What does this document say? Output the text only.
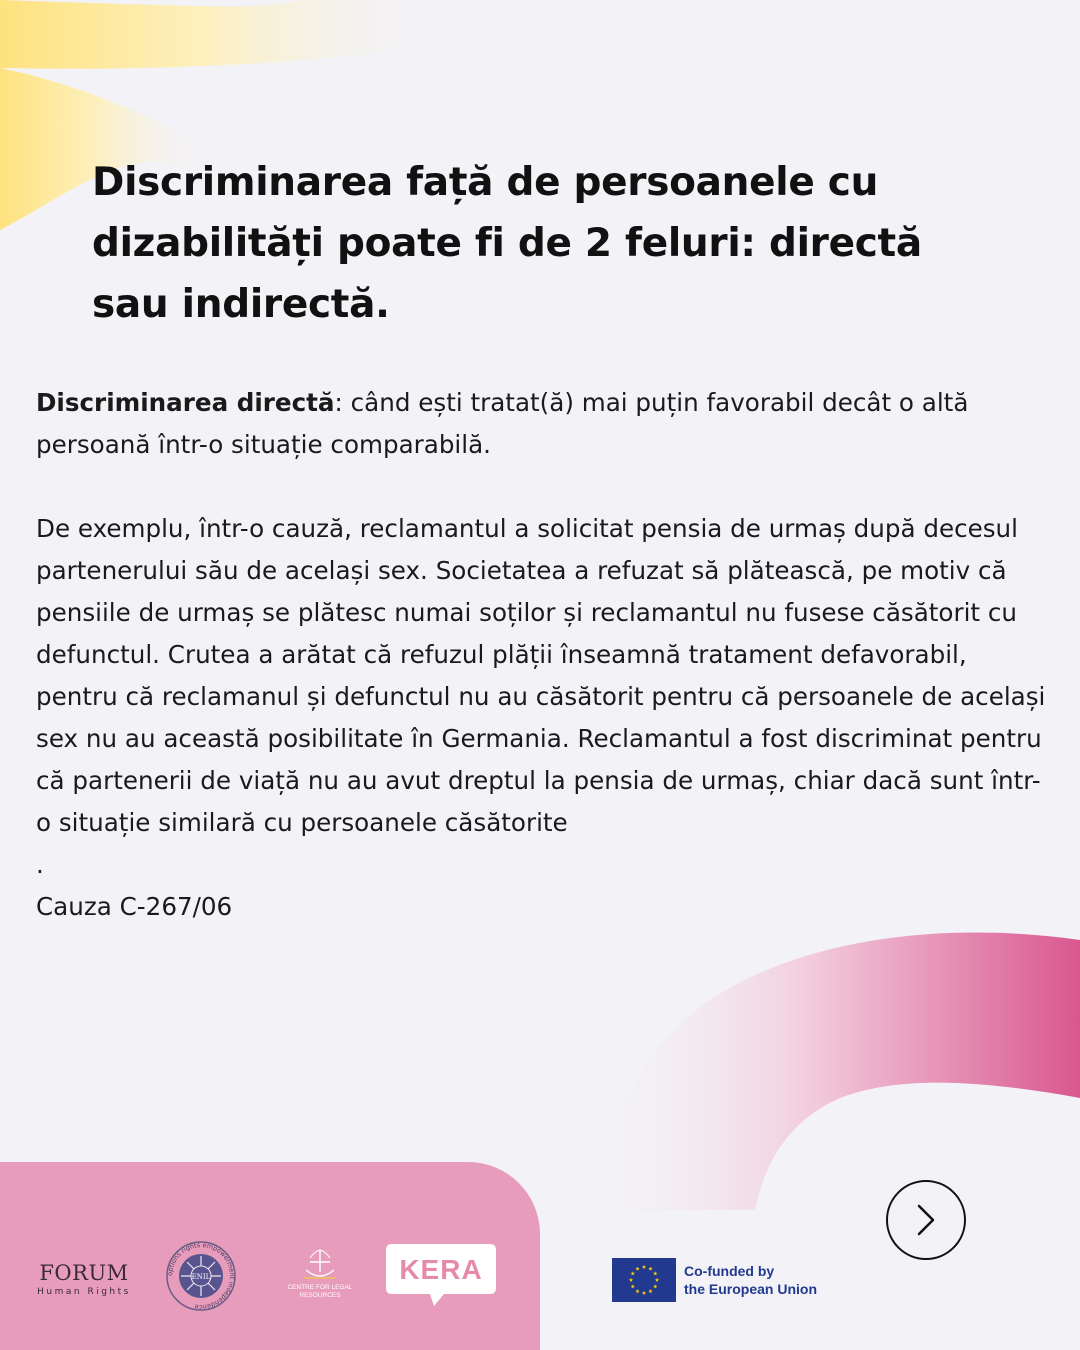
Discriminarea față de persoanele cu dizabilități poate fi de 2 feluri: directă sau indirectă.

Discriminarea directă: când ești tratat(ă) mai puțin favorabil decât o altă persoană într-o situație comparabilă.

De exemplu, într-o cauză, reclamantul a solicitat pensia de urmaș după decesul partenerului său de același sex. Societatea a refuzat să plătească, pe motiv că pensiile de urmaș se plătesc numai soților și reclamantul nu fusese căsătorit cu defunctul. Crutea a arătat că refuzul plății înseamnă tratament defavorabil, pentru că reclamanul și defunctul nu au căsătorit pentru că persoanele de același sex nu au această posibilitate în Germania. Reclamantul a fost discriminat pentru că partenerii de viață nu au avut dreptul la pensia de urmaș, chiar dacă sunt într-o situație similară cu persoanele căsătorite

.

Cauza C-267/06

FORUM
Human Rights
ENIL
options rights empowerment independence
CENTRE FOR LEGAL
RESOURCES
KERA	Co-funded by
the European Union
